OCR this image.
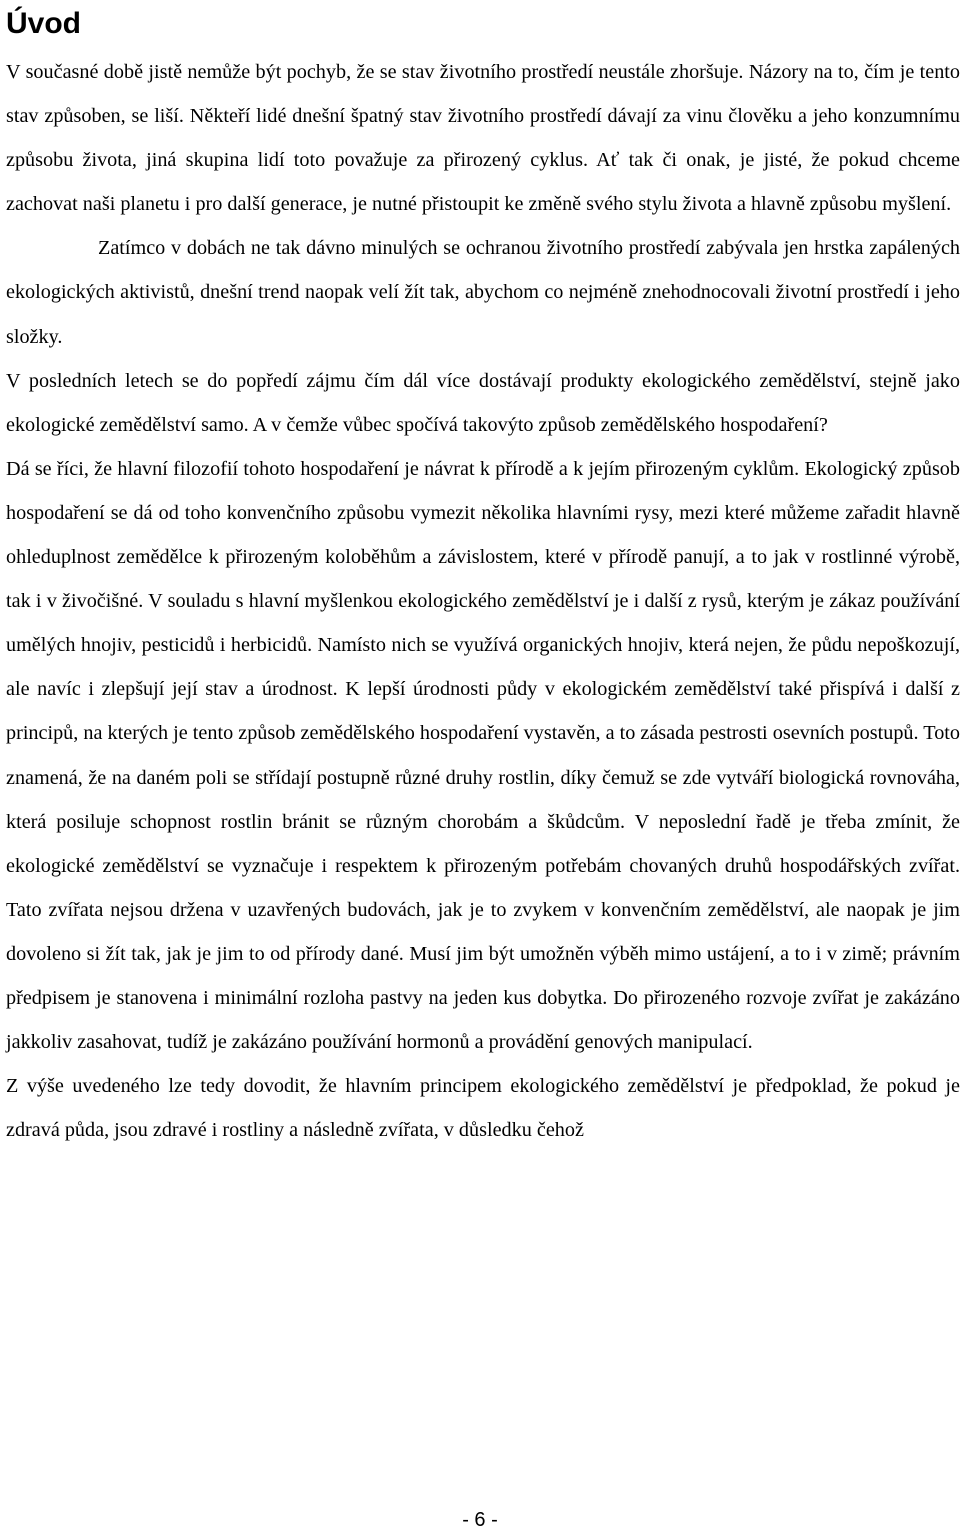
Úvod

V současné době jistě nemůže být pochyb, že se stav životního prostředí neustále zhoršuje. Názory na to, čím je tento stav způsoben, se liší. Někteří lidé dnešní špatný stav životního prostředí dávají za vinu člověku a jeho konzumnímu způsobu života, jiná skupina lidí toto považuje za přirozený cyklus. Ať tak či onak, je jisté, že pokud chceme zachovat naši planetu i pro další generace, je nutné přistoupit ke změně svého stylu života a hlavně způsobu myšlení.

Zatímco v dobách ne tak dávno minulých se ochranou životního prostředí zabývala jen hrstka zapálených ekologických aktivistů, dnešní trend naopak velí žít tak, abychom co nejméně znehodnocovali životní prostředí i jeho složky.

V posledních letech se do popředí zájmu čím dál více dostávají produkty ekologického zemědělství, stejně jako ekologické zemědělství samo. A v čemže vůbec spočívá takovýto způsob zemědělského hospodaření?

Dá se říci, že hlavní filozofií tohoto hospodaření je návrat k přírodě a k jejím přirozeným cyklům. Ekologický způsob hospodaření se dá od toho konvenčního způsobu vymezit několika hlavními rysy, mezi které můžeme zařadit hlavně ohleduplnost zemědělce k přirozeným koloběhům a závislostem, které v přírodě panují, a to jak v rostlinné výrobě, tak i v živočišné. V souladu s hlavní myšlenkou ekologického zemědělství je i další z rysů, kterým je zákaz používání umělých hnojiv, pesticidů i herbicidů. Namísto nich se využívá organických hnojiv, která nejen, že půdu nepoškozují, ale navíc i zlepšují její stav a úrodnost. K lepší úrodnosti půdy v ekologickém zemědělství také přispívá i další z principů, na kterých je tento způsob zemědělského hospodaření vystavěn, a to zásada pestrosti osevních postupů. Toto znamená, že na daném poli se střídají postupně různé druhy rostlin, díky čemuž se zde vytváří biologická rovnováha, která posiluje schopnost rostlin bránit se různým chorobám a škůdcům. V neposlední řadě je třeba zmínit, že ekologické zemědělství se vyznačuje i respektem k přirozeným potřebám chovaných druhů hospodářských zvířat. Tato zvířata nejsou držena v uzavřených budovách, jak je to zvykem v konvenčním zemědělství, ale naopak je jim dovoleno si žít tak, jak je jim to od přírody dané. Musí jim být umožněn výběh mimo ustájení, a to i v zimě; právním předpisem je stanovena i minimální rozloha pastvy na jeden kus dobytka. Do přirozeného rozvoje zvířat je zakázáno jakkoliv zasahovat, tudíž je zakázáno používání hormonů a provádění genových manipulací.

Z výše uvedeného lze tedy dovodit, že hlavním principem ekologického zemědělství je předpoklad, že pokud je zdravá půda, jsou zdravé i rostliny a následně zvířata, v důsledku čehož

- 6 -
